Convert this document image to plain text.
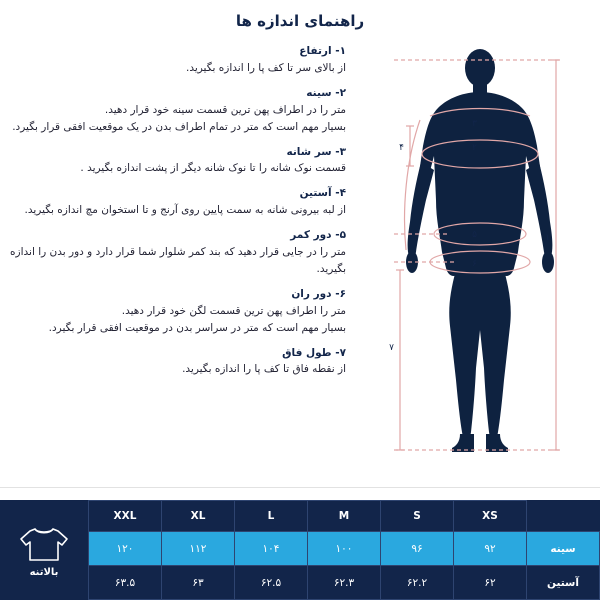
راهنمای اندازه ها
۱- ارتفاع
از بالای سر تا کف پا را اندازه بگیرید.
۲- سینه
متر را در اطراف پهن ترین قسمت سینه خود قرار دهید.
بسیار مهم است که متر در تمام اطراف بدن در یک موقعیت افقی قرار بگیرد.
۳- سر شانه
قسمت نوک شانه را تا نوک شانه دیگر از پشت اندازه بگیرید .
۴- آستین
از لبه بیرونی شانه به سمت پایین روی آرنج و تا استخوان مچ اندازه بگیرید.
۵- دور کمر
متر را در جایی قرار دهید که بند کمر شلوار شما قرار دارد و دور بدن را اندازه بگیرید.
۶- دور ران
متر را اطراف پهن ترین قسمت لگن خود قرار دهید.
بسیار مهم است که متر در سراسر بدن در موقعیت افقی قرار بگیرد.
۷- طول فاق
از نقطه فاق تا کف پا را اندازه بگیرید.
۱
۲
۳
۴
۵
۶
۷
بالاتنه
	XS	S	M	L	XL	XXL
سینه	۹۲	۹۶	۱۰۰	۱۰۴	۱۱۲	۱۲۰
آستین	۶۲	۶۲.۲	۶۲.۳	۶۲.۵	۶۳	۶۳.۵
